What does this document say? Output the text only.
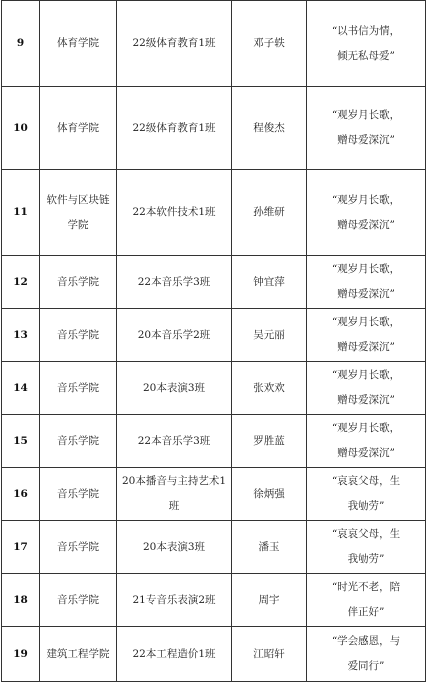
9	体育学院	22级体育教育1班	邓子轶	“以书信为情，
倾无私母爱”

10	体育学院	22级体育教育1班	程俊杰	“观岁月长歌，
赠母爱深沉”

11	软件与区块链学院	22本软件技术1班	孙维研	“观岁月长歌，
赠母爱深沉”

12	音乐学院	22本音乐学3班	钟宜萍	“观岁月长歌，
赠母爱深沉”

13	音乐学院	20本音乐学2班	吴元丽	“观岁月长歌，
赠母爱深沉”

14	音乐学院	20本表演3班	张欢欢	“观岁月长歌，
赠母爱深沉”

15	音乐学院	22本音乐学3班	罗胜蓝	“观岁月长歌，
赠母爱深沉”

16	音乐学院	20本播音与主持艺术1班	徐炳强	“哀哀父母，生
我劬劳”

17	音乐学院	20本表演3班	潘玉	“哀哀父母，生
我劬劳”

18	音乐学院	21专音乐表演2班	周宇	“时光不老，陪
伴正好”

19	建筑工程学院	22本工程造价1班	江昭轩	“学会感恩，与
爱同行”
